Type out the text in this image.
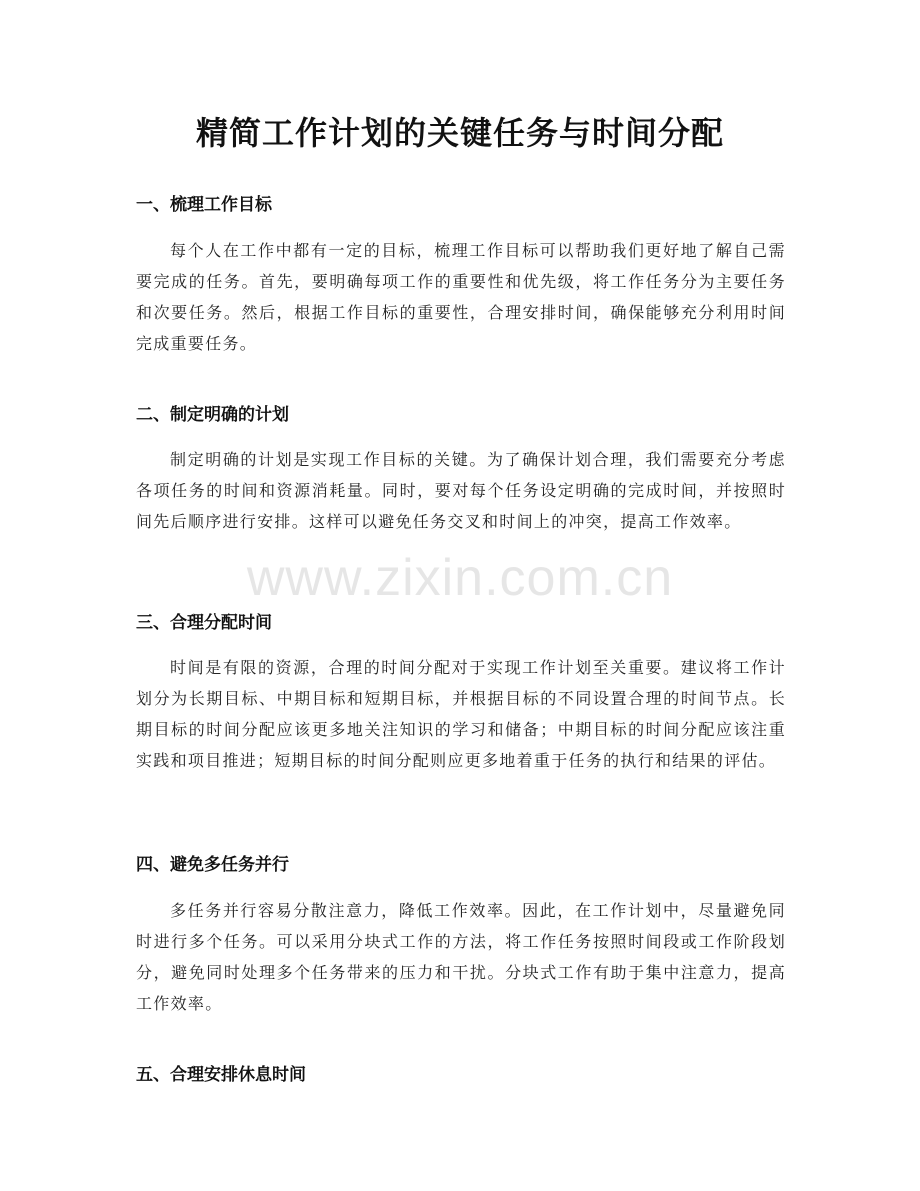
精简工作计划的关键任务与时间分配
一、梳理工作目标

每个人在工作中都有一定的目标，梳理工作目标可以帮助我们更好地了解自己需要完成的任务。首先，要明确每项工作的重要性和优先级，将工作任务分为主要任务和次要任务。然后，根据工作目标的重要性，合理安排时间，确保能够充分利用时间完成重要任务。

二、制定明确的计划

制定明确的计划是实现工作目标的关键。为了确保计划合理，我们需要充分考虑各项任务的时间和资源消耗量。同时，要对每个任务设定明确的完成时间，并按照时间先后顺序进行安排。这样可以避免任务交叉和时间上的冲突，提高工作效率。

三、合理分配时间

时间是有限的资源，合理的时间分配对于实现工作计划至关重要。建议将工作计划分为长期目标、中期目标和短期目标，并根据目标的不同设置合理的时间节点。长期目标的时间分配应该更多地关注知识的学习和储备；中期目标的时间分配应该注重实践和项目推进；短期目标的时间分配则应更多地着重于任务的执行和结果的评估。

四、避免多任务并行

多任务并行容易分散注意力，降低工作效率。因此，在工作计划中，尽量避免同时进行多个任务。可以采用分块式工作的方法，将工作任务按照时间段或工作阶段划分，避免同时处理多个任务带来的压力和干扰。分块式工作有助于集中注意力，提高工作效率。

五、合理安排休息时间
www.zixin.com.cn
